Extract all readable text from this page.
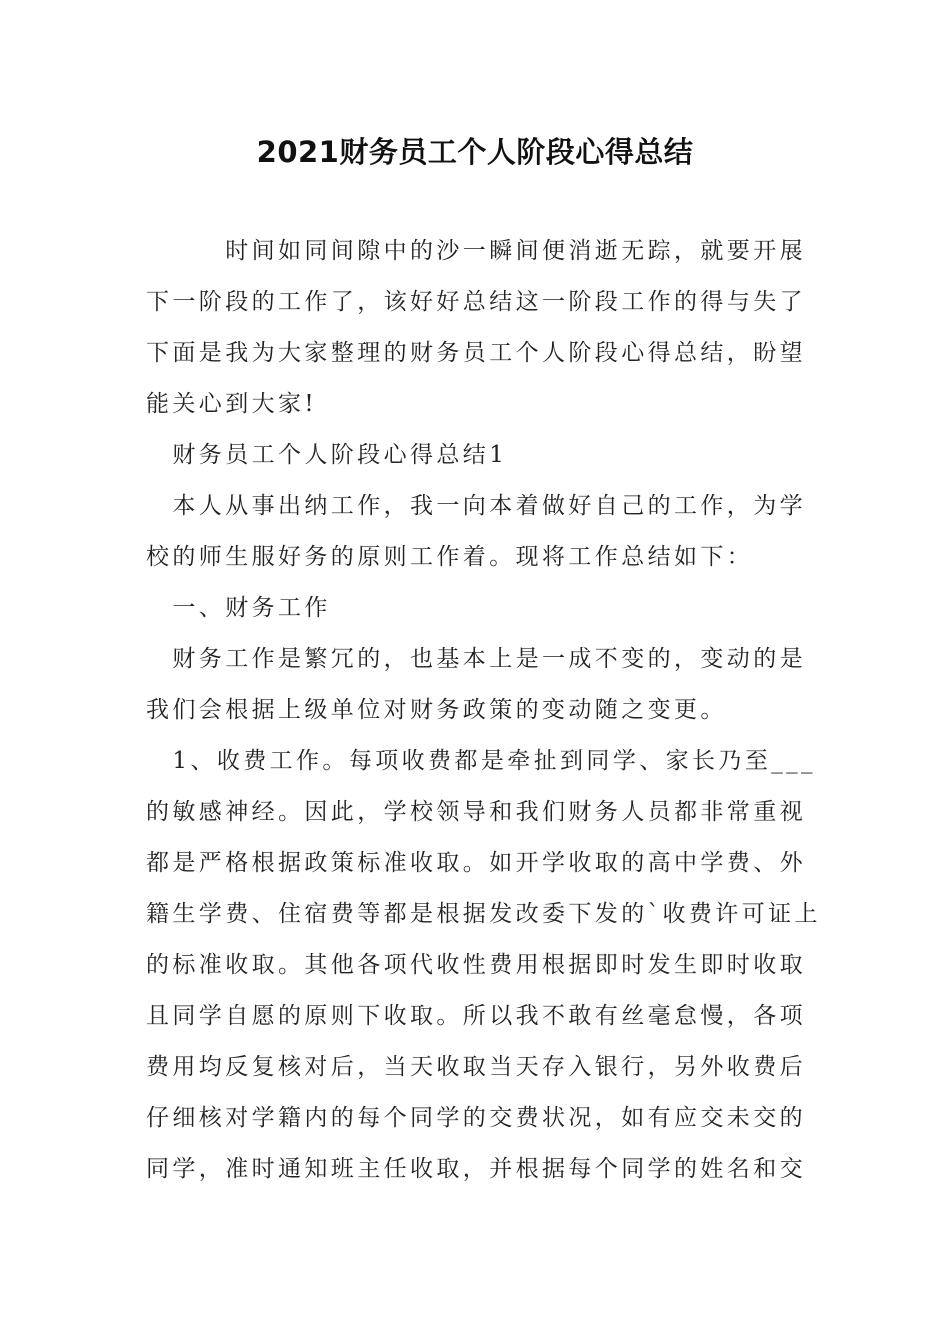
2021财务员工个人阶段心得总结
　　　时间如同间隙中的沙一瞬间便消逝无踪，就要开展
下一阶段的工作了，该好好总结这一阶段工作的得与失了
下面是我为大家整理的财务员工个人阶段心得总结，盼望
能关心到大家!
　财务员工个人阶段心得总结1
　本人从事出纳工作，我一向本着做好自己的工作，为学
校的师生服好务的原则工作着。现将工作总结如下：
　一、财务工作
　财务工作是繁冗的，也基本上是一成不变的，变动的是
我们会根据上级单位对财务政策的变动随之变更。
　1、收费工作。每项收费都是牵扯到同学、家长乃至___
的敏感神经。因此，学校领导和我们财务人员都非常重视
都是严格根据政策标准收取。如开学收取的高中学费、外
籍生学费、住宿费等都是根据发改委下发的`收费许可证上
的标准收取。其他各项代收性费用根据即时发生即时收取
且同学自愿的原则下收取。所以我不敢有丝毫怠慢，各项
费用均反复核对后，当天收取当天存入银行，另外收费后
仔细核对学籍内的每个同学的交费状况，如有应交未交的
同学，准时通知班主任收取，并根据每个同学的姓名和交
